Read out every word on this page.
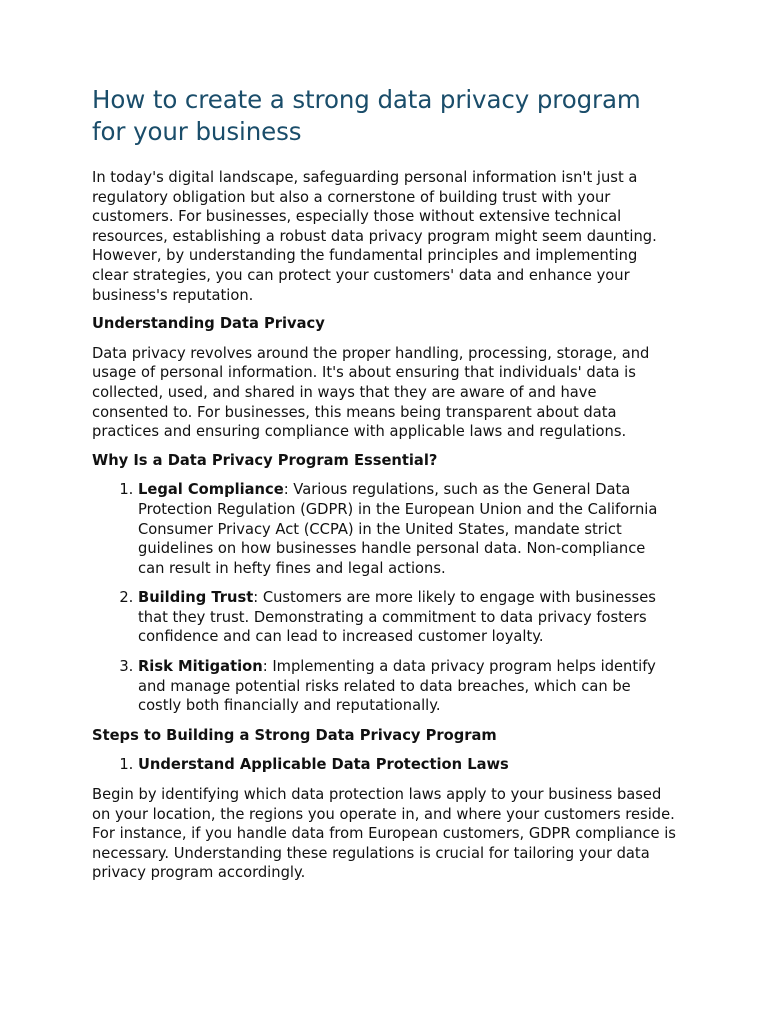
How to create a strong data privacy program for your business

In today's digital landscape, safeguarding personal information isn't just a regulatory obligation but also a cornerstone of building trust with your customers. For businesses, especially those without extensive technical resources, establishing a robust data privacy program might seem daunting. However, by understanding the fundamental principles and implementing clear strategies, you can protect your customers' data and enhance your business's reputation.

Understanding Data Privacy

Data privacy revolves around the proper handling, processing, storage, and usage of personal information. It's about ensuring that individuals' data is collected, used, and shared in ways that they are aware of and have consented to. For businesses, this means being transparent about data practices and ensuring compliance with applicable laws and regulations.

Why Is a Data Privacy Program Essential?
1. Legal Compliance: Various regulations, such as the General Data Protection Regulation (GDPR) in the European Union and the California Consumer Privacy Act (CCPA) in the United States, mandate strict guidelines on how businesses handle personal data. Non-compliance can result in hefty fines and legal actions.
2. Building Trust: Customers are more likely to engage with businesses that they trust. Demonstrating a commitment to data privacy fosters confidence and can lead to increased customer loyalty.
3. Risk Mitigation: Implementing a data privacy program helps identify and manage potential risks related to data breaches, which can be costly both financially and reputationally.
Steps to Building a Strong Data Privacy Program
1. Understand Applicable Data Protection Laws

Begin by identifying which data protection laws apply to your business based on your location, the regions you operate in, and where your customers reside. For instance, if you handle data from European customers, GDPR compliance is necessary. Understanding these regulations is crucial for tailoring your data privacy program accordingly.
